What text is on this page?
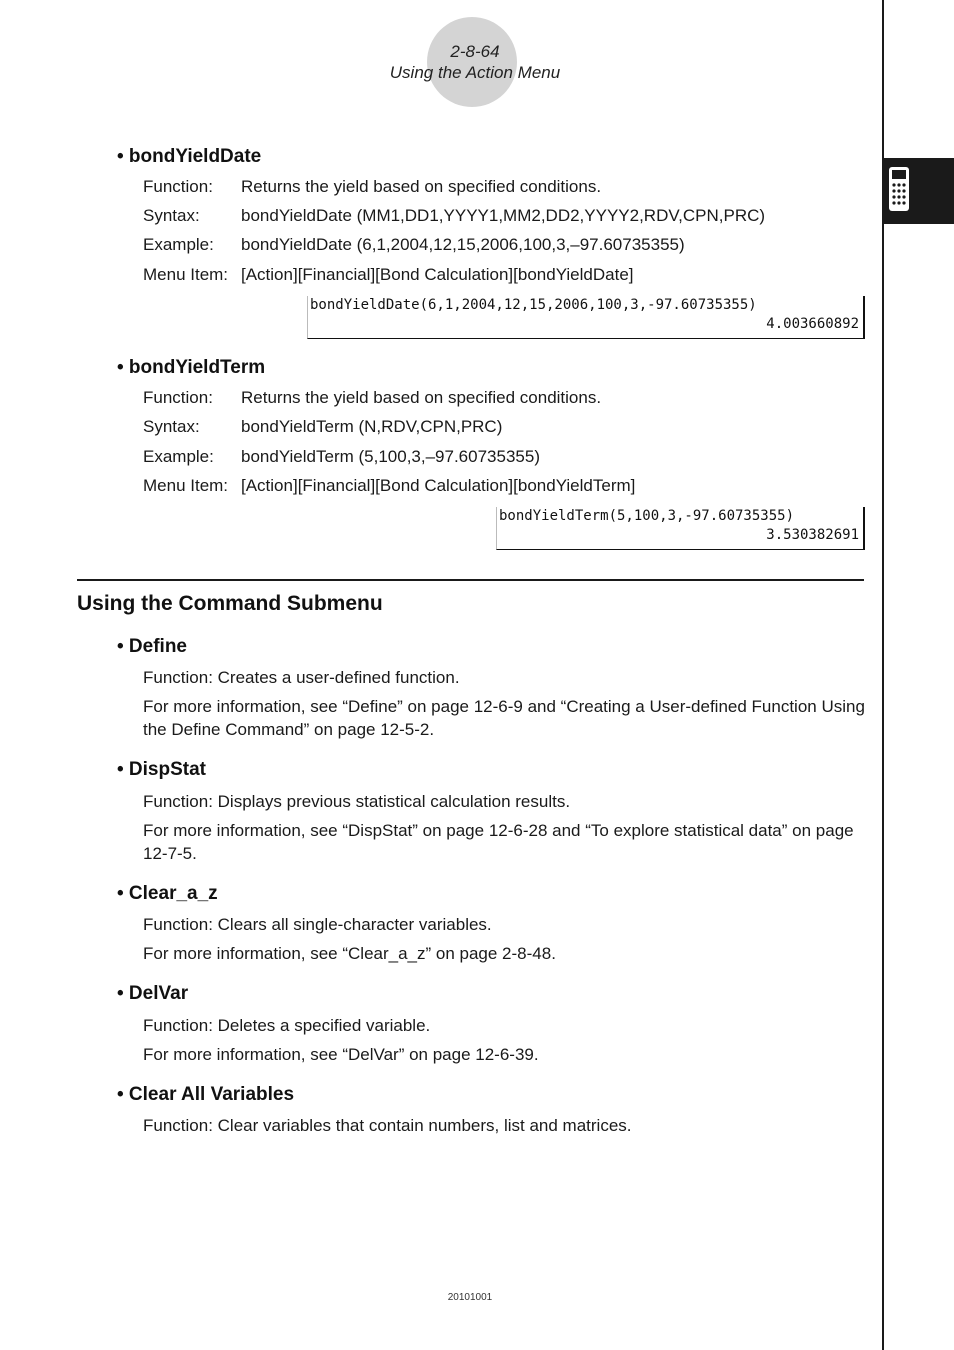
2-8-64
Using the Action Menu
• bondYieldDate
Function: Returns the yield based on specified conditions.
Syntax: bondYieldDate (MM1,DD1,YYYY1,MM2,DD2,YYYY2,RDV,CPN,PRC)
Example: bondYieldDate (6,1,2004,12,15,2006,100,3,–97.60735355)
Menu Item: [Action][Financial][Bond Calculation][bondYieldDate]
bondYieldDate(6,1,2004,12,15,2006,100,3,-97.60735355)
4.003660892
• bondYieldTerm
Function: Returns the yield based on specified conditions.
Syntax: bondYieldTerm (N,RDV,CPN,PRC)
Example: bondYieldTerm (5,100,3,–97.60735355)
Menu Item: [Action][Financial][Bond Calculation][bondYieldTerm]
bondYieldTerm(5,100,3,-97.60735355)
3.530382691
Using the Command Submenu
• Define
Function: Creates a user-defined function.
For more information, see “Define” on page 12-6-9 and “Creating a User-defined Function Using the Define Command” on page 12-5-2.
• DispStat
Function: Displays previous statistical calculation results.
For more information, see “DispStat” on page 12-6-28 and “To explore statistical data” on page 12-7-5.
• Clear_a_z
Function: Clears all single-character variables.
For more information, see “Clear_a_z” on page 2-8-48.
• DelVar
Function: Deletes a specified variable.
For more information, see “DelVar” on page 12-6-39.
• Clear All Variables
Function: Clear variables that contain numbers, list and matrices.
20101001
